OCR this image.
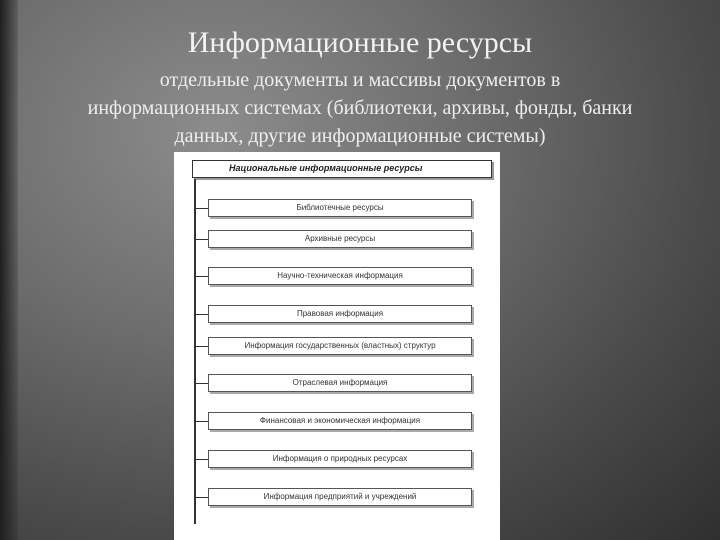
Информационные ресурсы
отдельные документы и массивы документов в
информационных системах (библиотеки, архивы, фонды, банки
данных, другие информационные системы)
Национальные информационные ресурсы
Библиотечные ресурсы
Архивные ресурсы
Научно-техническая информация
Правовая информация
Информация государственных (властных) структур
Отраслевая информация
Финансовая и экономическая информация
Информация о природных ресурсах
Информация предприятий и учреждений
